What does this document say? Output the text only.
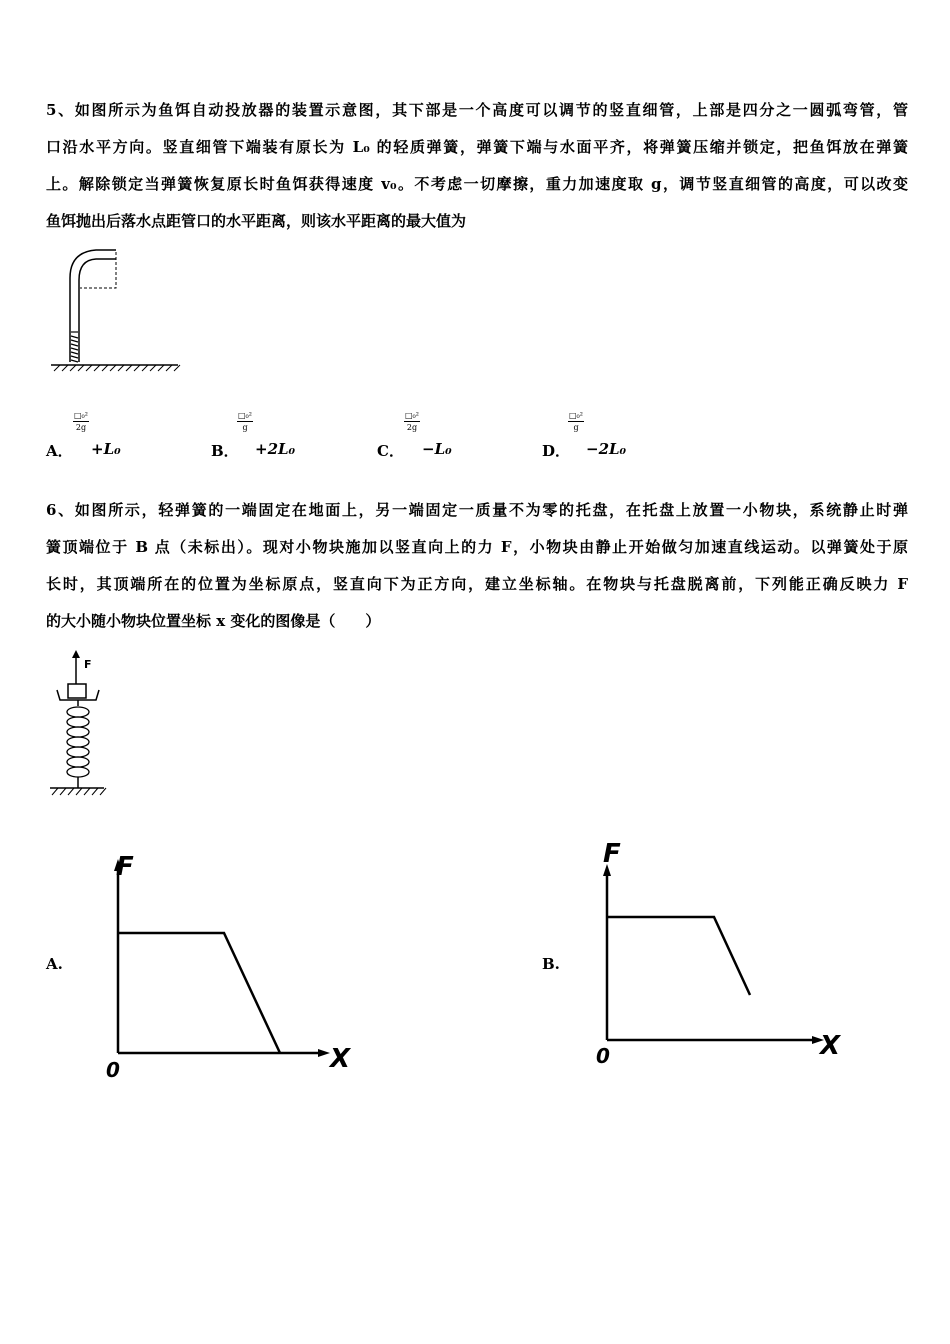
5、如图所示为鱼饵自动投放器的装置示意图，其下部是一个高度可以调节的竖直细管，上部是四分之一圆弧弯管，管
口沿水平方向。竖直细管下端装有原长为 L₀ 的轻质弹簧，弹簧下端与水面平齐，将弹簧压缩并锁定，把鱼饵放在弹簧
上。解除锁定当弹簧恢复原长时鱼饵获得速度 v₀。不考虑一切摩擦，重力加速度取 g，调节竖直细管的高度，可以改变
鱼饵抛出后落水点距管口的水平距离，则该水平距离的最大值为
A．
□₀²
2g
+L₀	B．
□₀²
g
+2L₀	C．
□₀²
2g
−L₀	D．
□₀²
g
−2L₀
6、如图所示，轻弹簧的一端固定在地面上，另一端固定一质量不为零的托盘，在托盘上放置一小物块，系统静止时弹
簧顶端位于 B 点（未标出）。现对小物块施加以竖直向上的力 F，小物块由静止开始做匀加速直线运动。以弹簧处于原
长时，其顶端所在的位置为坐标原点，竖直向下为正方向，建立坐标轴。在物块与托盘脱离前，下列能正确反映力 F
的大小随小物块位置坐标 x 变化的图像是（　　）
F
A.
F
X
0
B.
F
X
0
